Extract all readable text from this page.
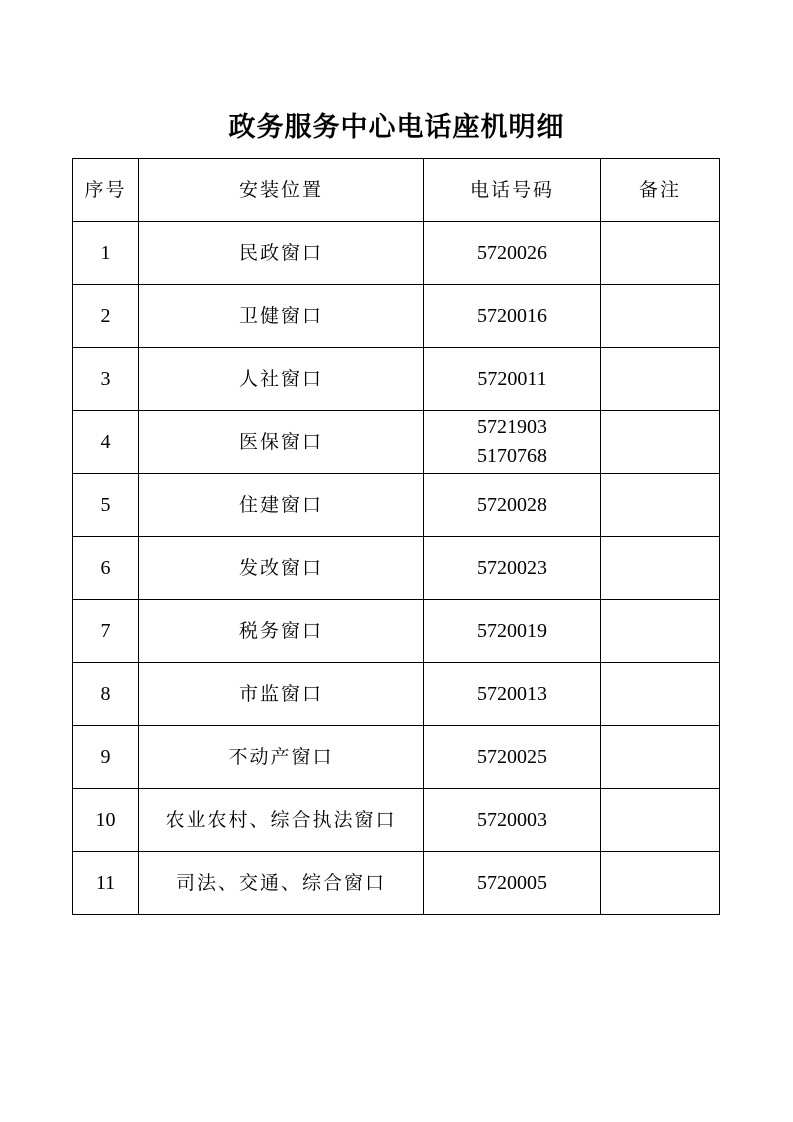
政务服务中心电话座机明细
序号	安装位置	电话号码	备注
1	民政窗口	5720026	

2	卫健窗口	5720016	

3	人社窗口	5720011	

4	医保窗口	5721903
5170768	

5	住建窗口	5720028	

6	发改窗口	5720023	

7	税务窗口	5720019	

8	市监窗口	5720013	

9	不动产窗口	5720025	

10	农业农村、综合执法窗口	5720003	

11	司法、交通、综合窗口	5720005	
